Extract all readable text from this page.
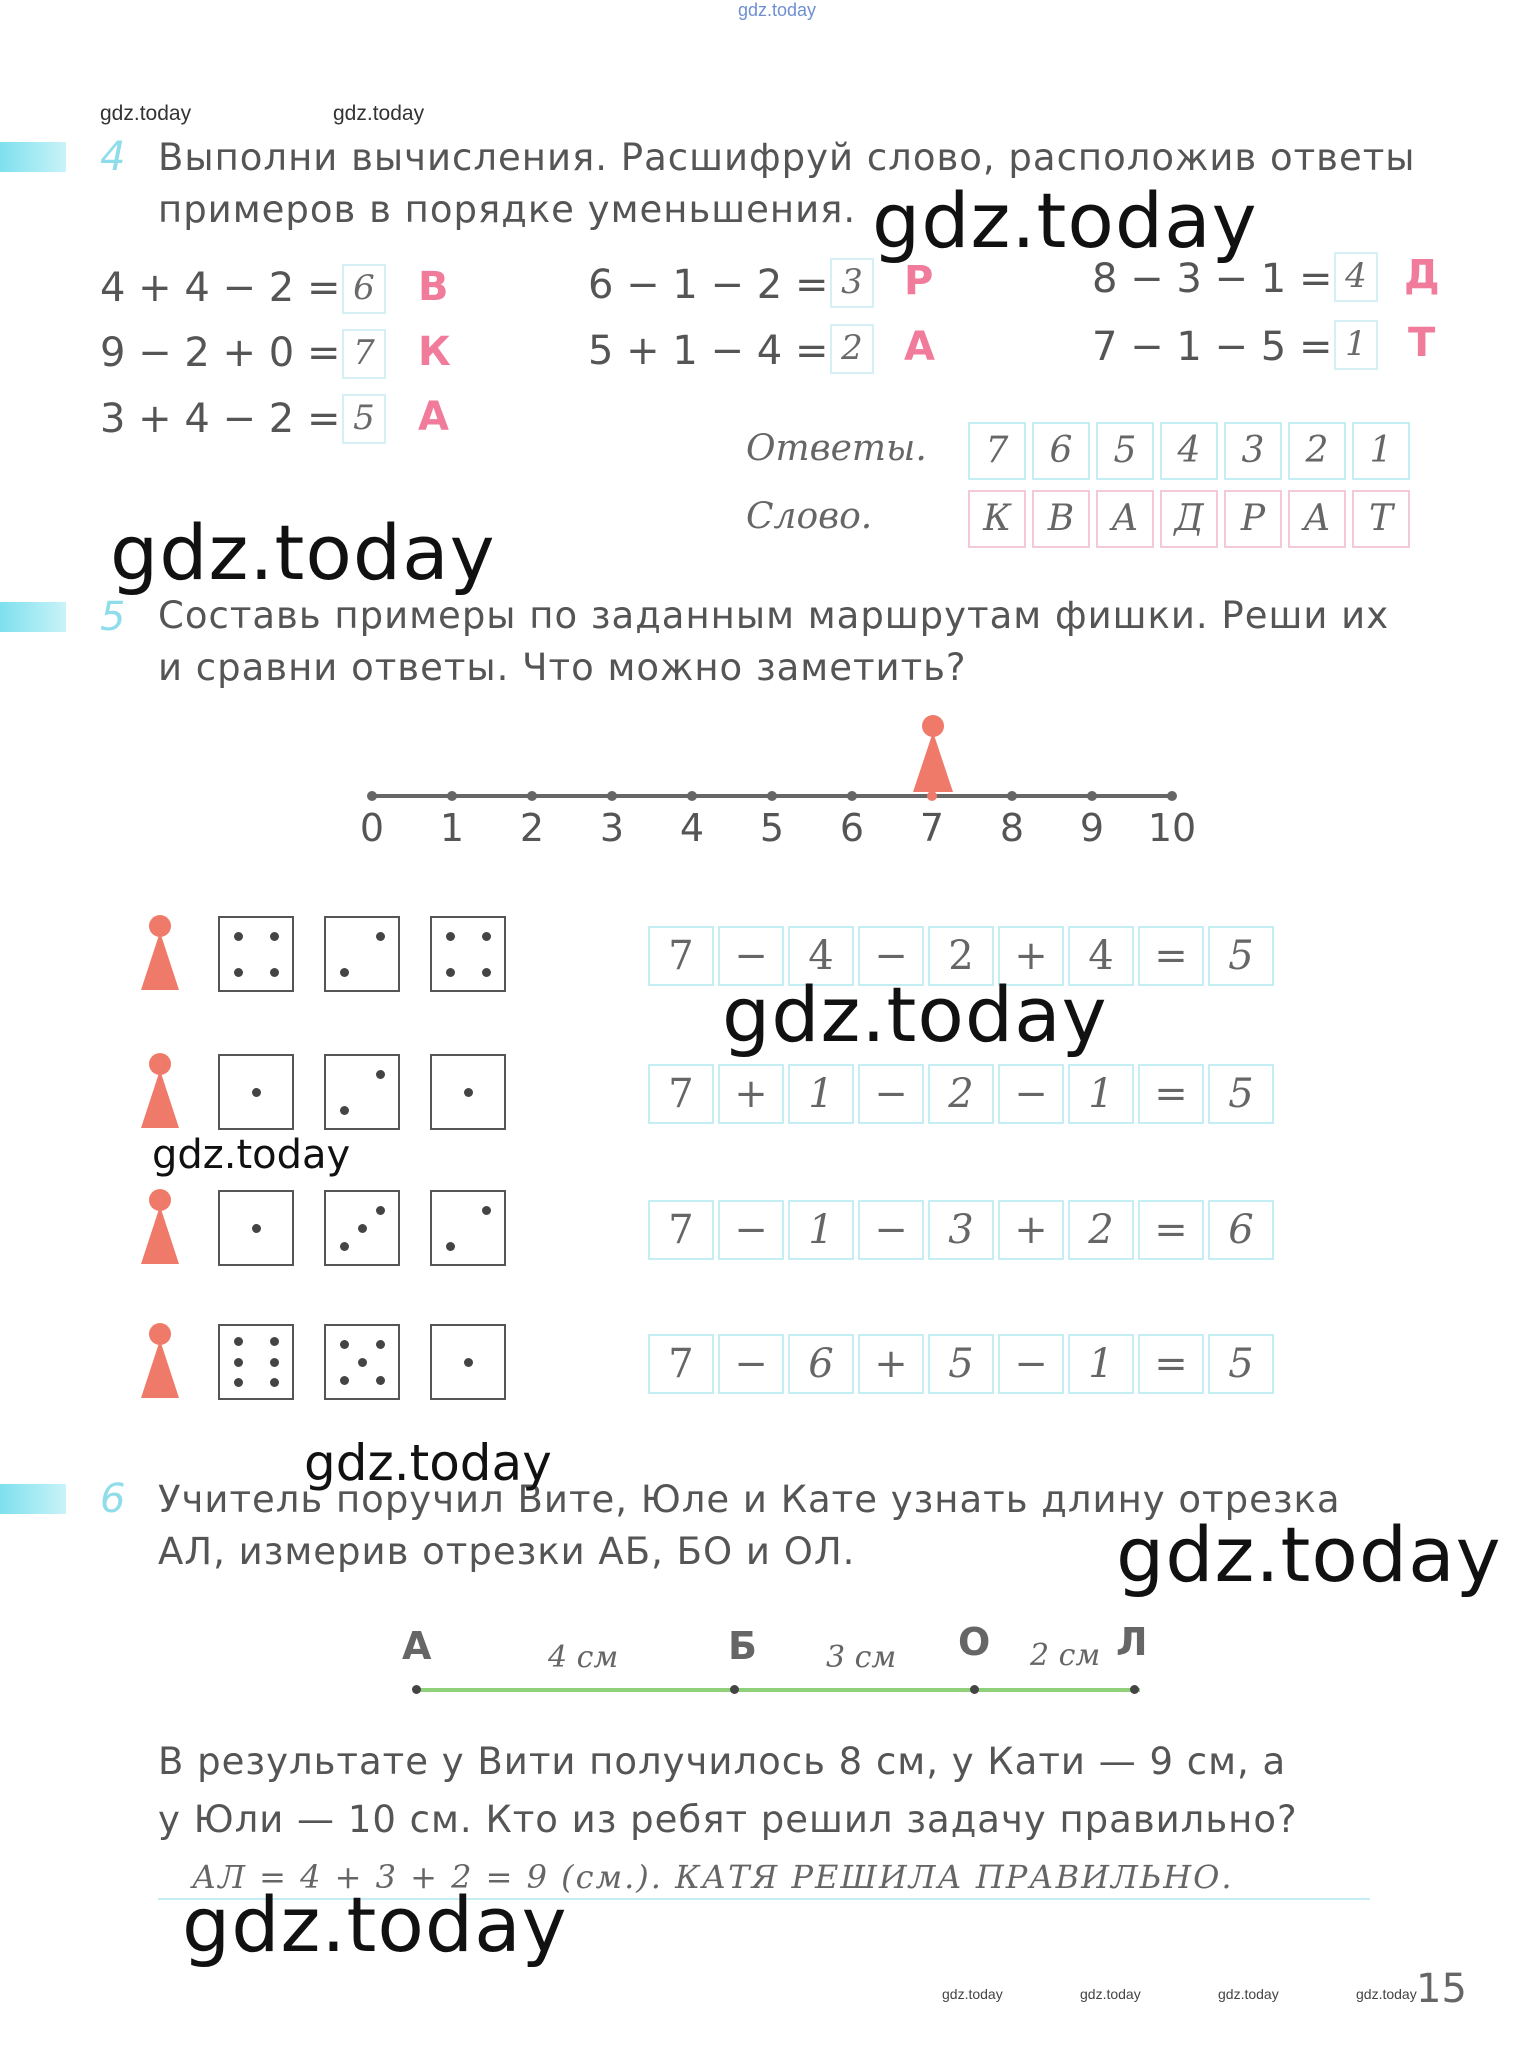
gdz.today
gdz.today	gdz.today
4 Выполни вычисления. Расшифруй слово, расположив ответы
примеров в порядке уменьшения. gdz.today
4 + 4 − 2 = 6 В
9 − 2 + 0 = 7 К
3 + 4 − 2 = 5 А
6 − 1 − 2 = 3 Р
5 + 1 − 4 = 2 А
8 − 3 − 1 = 4 Д
7 − 1 − 5 = 1 Т
Ответы.
Слово.
7	6	5	4	3	2	1
К	В	А Д	Р	А	Т
gdz.today
5 Составь примеры по заданным маршрутам фишки. Реши их
и сравни ответы. Что можно заметить?
0 1 2 3 4 5 6 7 8 9 10
7	−	4	−	2	+	4	=	5
7	+	1	−	2	−	1	=	5
7	−	1	−	3	+	2	=	6
7	−	6	+	5	−	1	=	5
gdz.today
gdz.today
6 Учитель поручил Вите, Юле и Кате узнать длину отрезка
АЛ, измерив отрезки АБ, БО и ОЛ.
gdz.today
gdz.today
А	Б	О	Л
4 см	3 см	2 см
В результате у Вити получилось 8 см, у Кати — 9 см, а
у Юли — 10 см. Кто из ребят решил задачу правильно?
АЛ = 4 + 3 + 2 = 9 (см.). КАТЯ РЕШИЛА ПРАВИЛЬНО.
gdz.today
gdz.today	gdz.today	gdz.today	gdz.today 15
